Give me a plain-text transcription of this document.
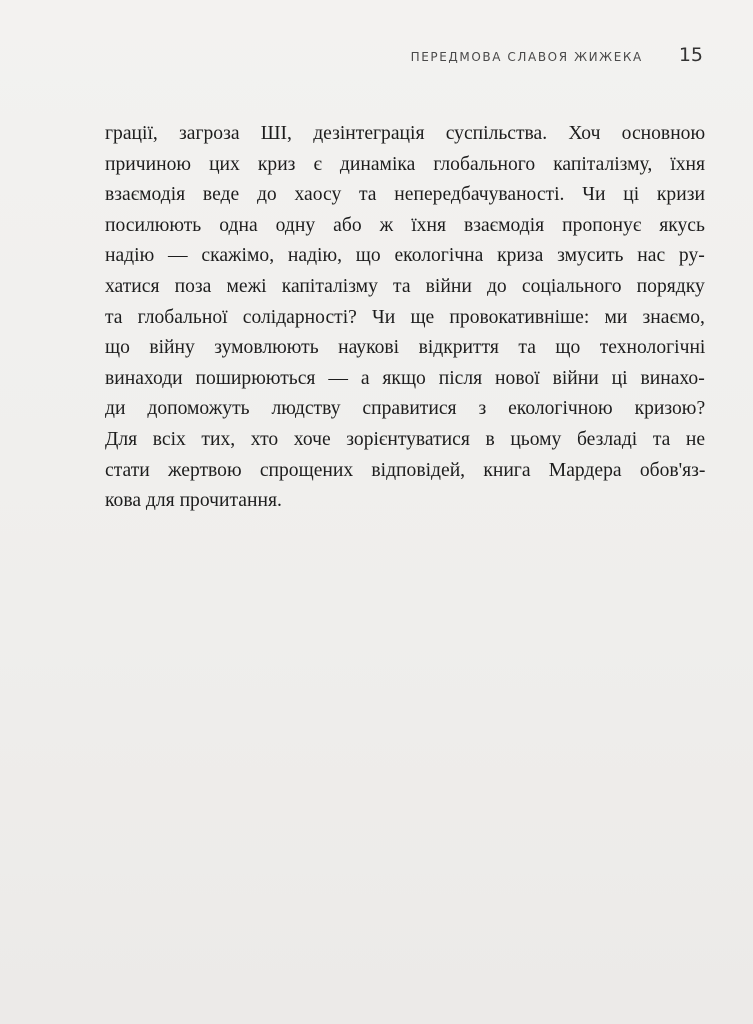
ПЕРЕДМОВА СЛАВОЯ ЖИЖЕКА 15

грації, загроза ШІ, дезінтеграція суспільства. Хоч основною
причиною цих криз є динаміка глобального капіталізму, їхня
взаємодія веде до хаосу та непередбачуваності. Чи ці кризи
посилюють одна одну або ж їхня взаємодія пропонує якусь
надію — скажімо, надію, що екологічна криза змусить нас ру-
хатися поза межі капіталізму та війни до соціального порядку
та глобальної солідарності? Чи ще провокативніше: ми знаємо,
що війну зумовлюють наукові відкриття та що технологічні
винаходи поширюються — а якщо після нової війни ці винахо-
ди допоможуть людству справитися з екологічною кризою?
Для всіх тих, хто хоче зорієнтуватися в цьому безладі та не
стати жертвою спрощених відповідей, книга Мардера обов'яз-
кова для прочитання.
